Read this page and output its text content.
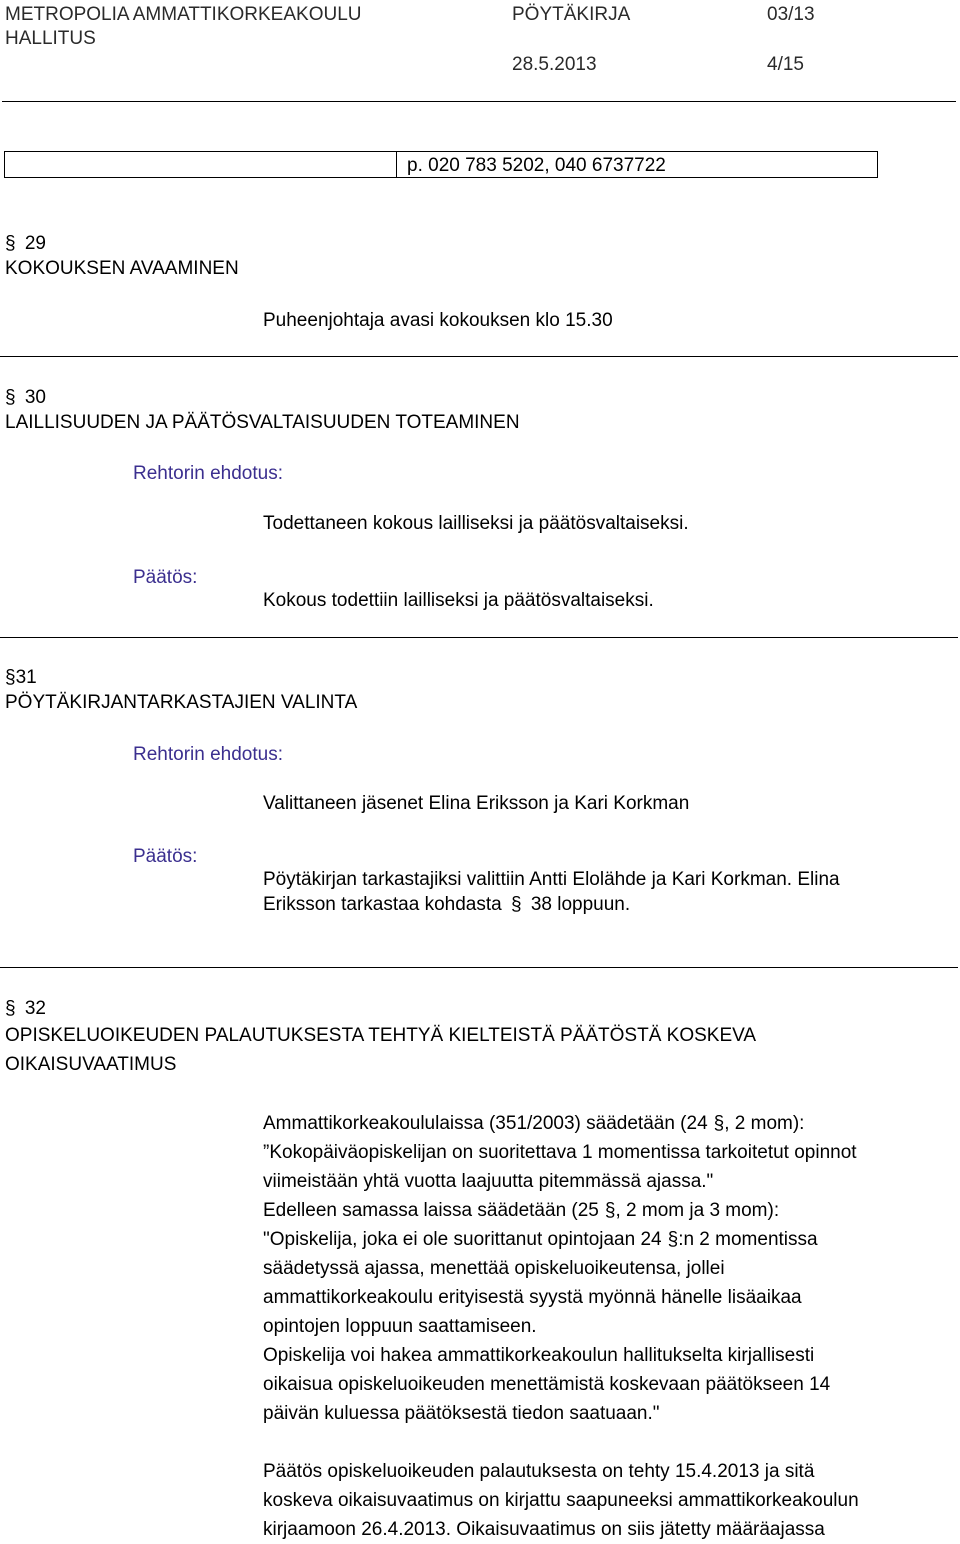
METROPOLIA AMMATTIKORKEAKOULU
HALLITUS
PÖYTÄKIRJA	03/13
28.5.2013	4/15
p. 020 783 5202, 040 6737722
§ 29
KOKOUKSEN AVAAMINEN
Puheenjohtaja avasi kokouksen klo 15.30
§ 30
LAILLISUUDEN JA PÄÄTÖSVALTAISUUDEN TOTEAMINEN
Rehtorin ehdotus:
Todettaneen kokous lailliseksi ja päätösvaltaiseksi.
Päätös:
Kokous todettiin lailliseksi ja päätösvaltaiseksi.
§31
PÖYTÄKIRJANTARKASTAJIEN VALINTA
Rehtorin ehdotus:
Valittaneen jäsenet Elina Eriksson ja Kari Korkman
Päätös:
Pöytäkirjan tarkastajiksi valittiin Antti Elolähde ja Kari Korkman. Elina
Eriksson tarkastaa kohdasta § 38 loppuun.
§ 32
OPISKELUOIKEUDEN PALAUTUKSESTA TEHTYÄ KIELTEISTÄ PÄÄTÖSTÄ KOSKEVA
OIKAISUVAATIMUS
Ammattikorkeakoululaissa (351/2003) säädetään (24 §, 2 mom):
”Kokopäiväopiskelijan on suoritettava 1 momentissa tarkoitetut opinnot
viimeistään yhtä vuotta laajuutta pitemmässä ajassa."
Edelleen samassa laissa säädetään (25 §, 2 mom ja 3 mom):
"Opiskelija, joka ei ole suorittanut opintojaan 24 §:n 2 momentissa
säädetyssä ajassa, menettää opiskeluoikeutensa, jollei
ammattikorkeakoulu erityisestä syystä myönnä hänelle lisäaikaa
opintojen loppuun saattamiseen.
Opiskelija voi hakea ammattikorkeakoulun hallitukselta kirjallisesti
oikaisua opiskeluoikeuden menettämistä koskevaan päätökseen 14
päivän kuluessa päätöksestä tiedon saatuaan."
Päätös opiskeluoikeuden palautuksesta on tehty 15.4.2013 ja sitä
koskeva oikaisuvaatimus on kirjattu saapuneeksi ammattikorkeakoulun
kirjaamoon 26.4.2013. Oikaisuvaatimus on siis jätetty määräajassa
